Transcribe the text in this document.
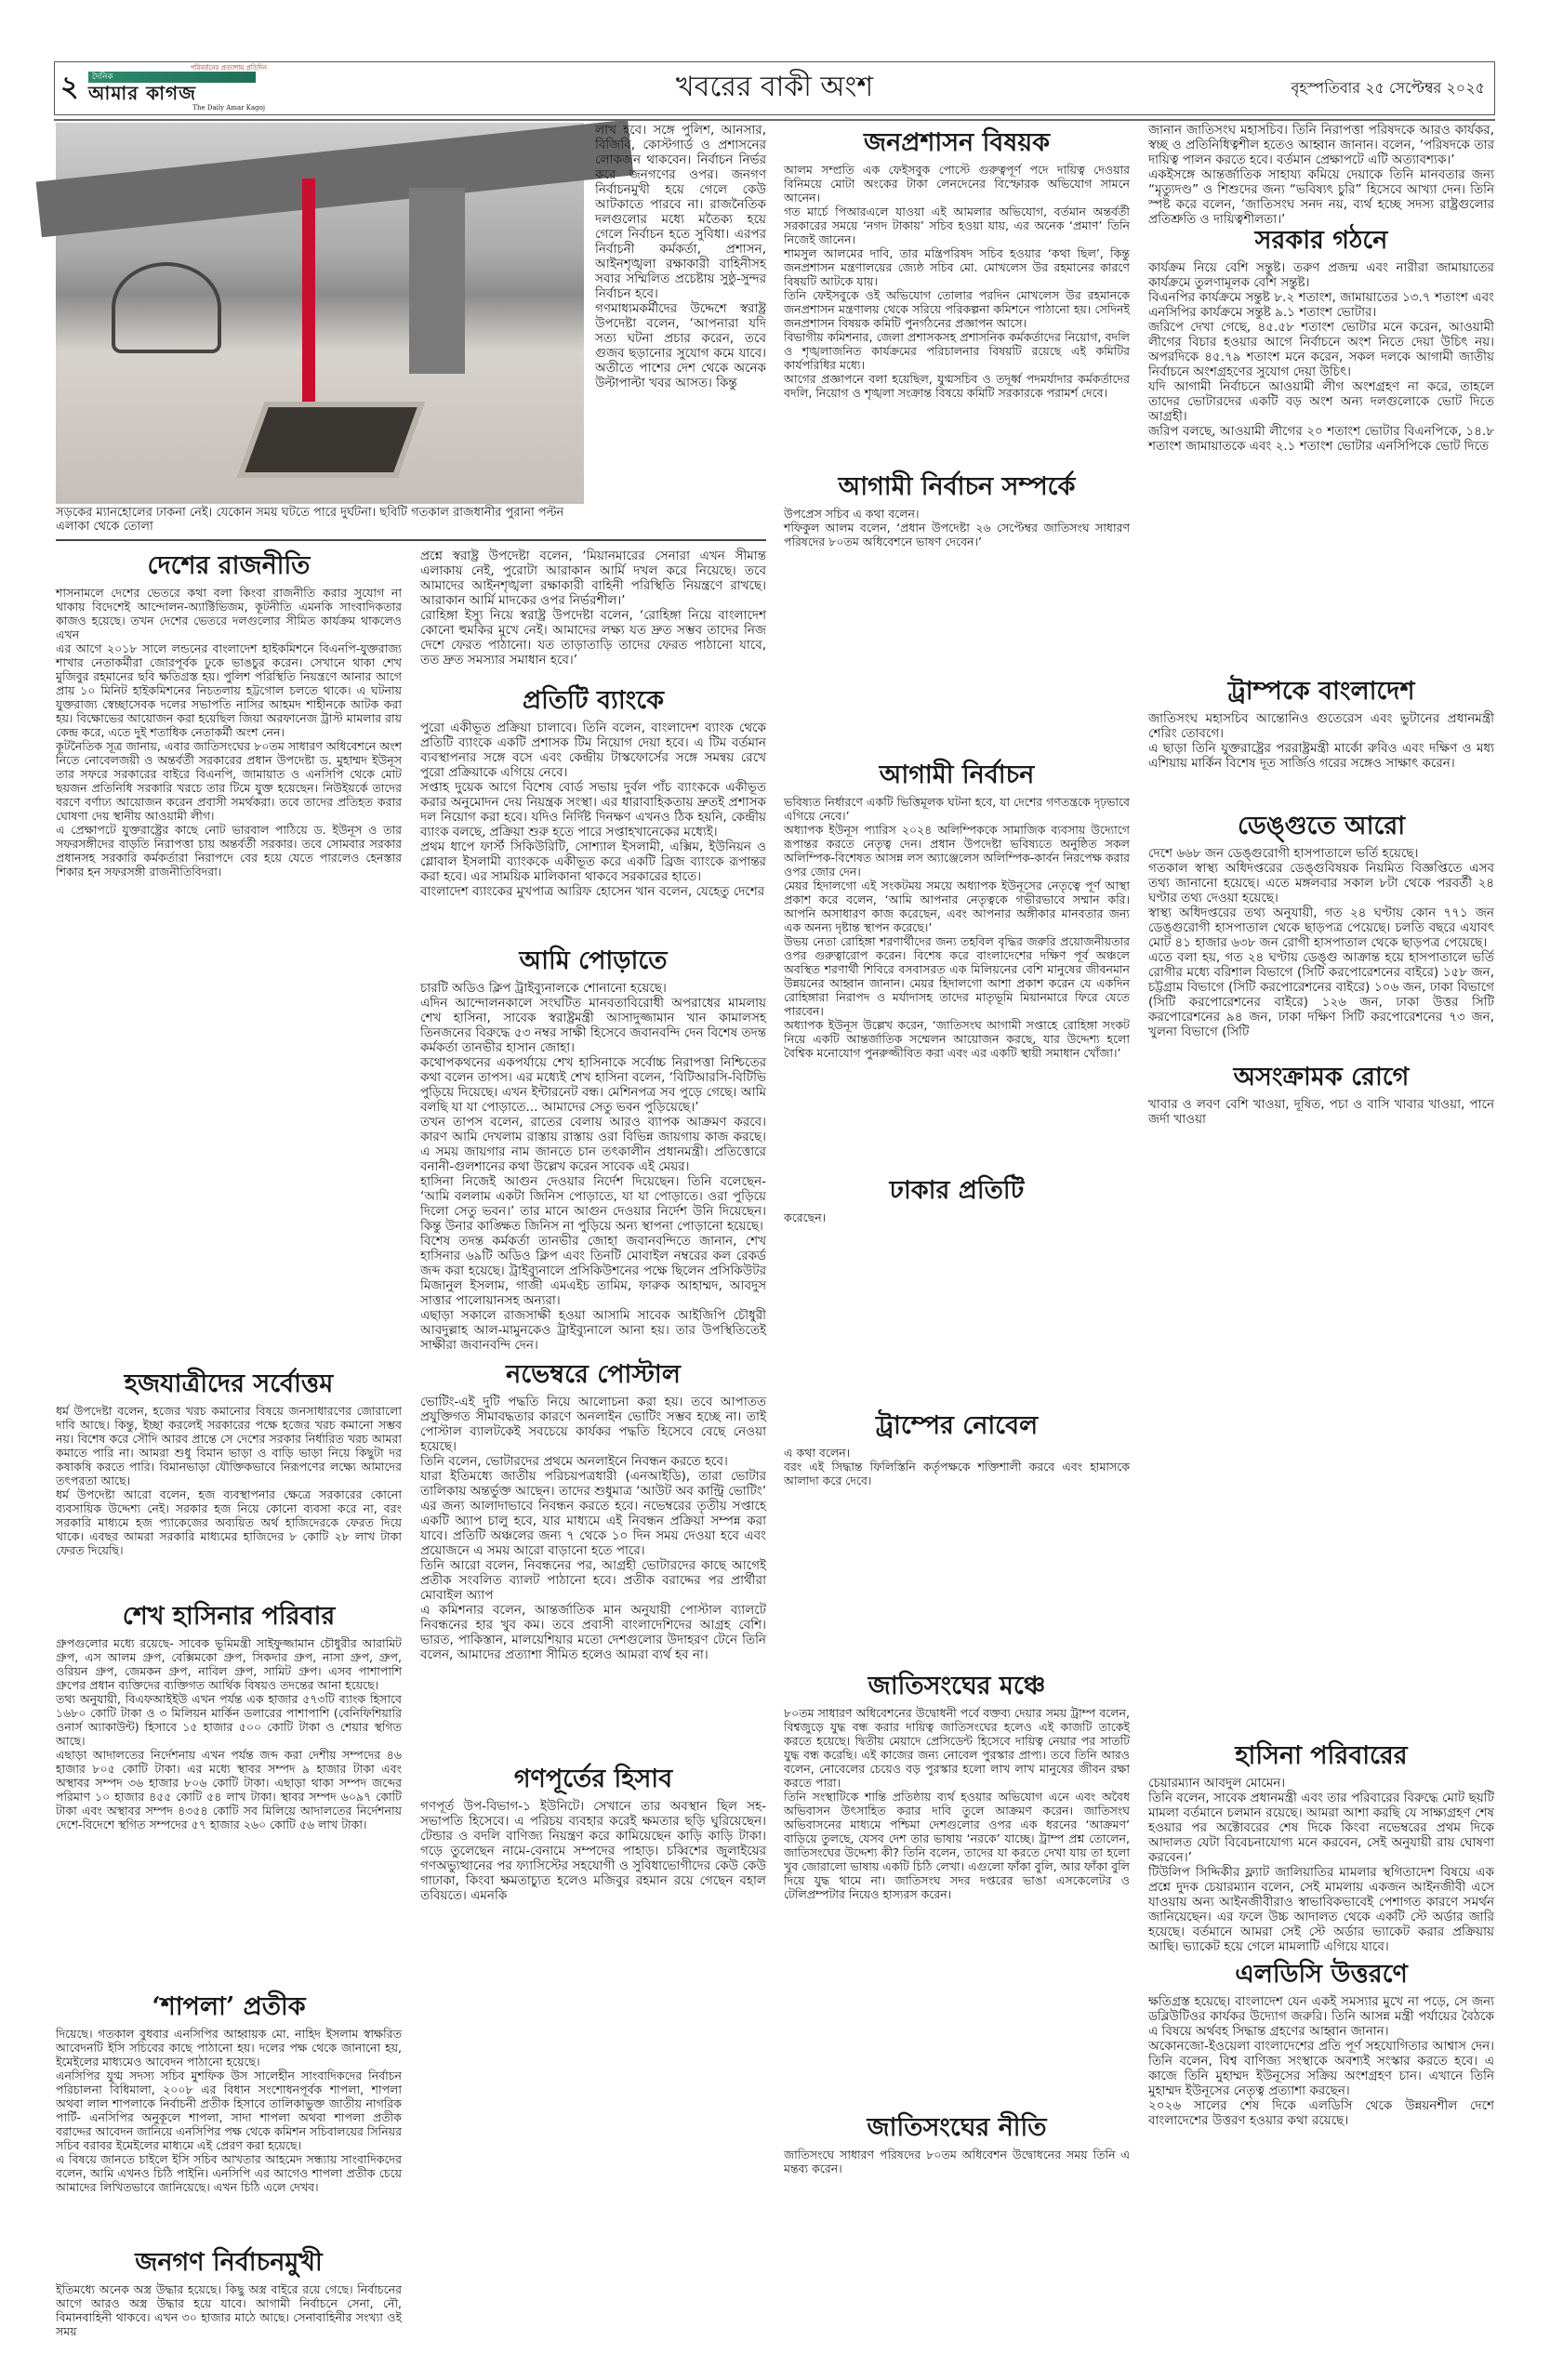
২
পরিবর্তনের প্রত্যাশায় প্রতিদিন
দৈনিক
আমার কাগজ
The Daily Amar Kagoj
খবরের বাকী অংশ	বৃহস্পতিবার ২৫ সেপ্টেম্বর ২০২৫
সড়কের ম্যানহোলের ঢাকনা নেই। যেকোন সময় ঘটতে পারে দুর্ঘটনা। ছবিটি গতকাল রাজধানীর পুরানা পল্টন এলাকা থেকে তোলা
দেশের রাজনীতি

শাসনামলে দেশের ভেতরে কথা বলা কিংবা রাজনীতি করার সুযোগ না থাকায় বিদেশেই আন্দোলন-অ্যাক্টিভিজম, কূটনীতি এমনকি সাংবাদিকতার কাজও হয়েছে। তখন দেশের ভেতরে দলগুলোর সীমিত কার্যক্রম থাকলেও এখন

এর আগে ২০১৮ সালে লন্ডনের বাংলাদেশ হাইকমিশনে বিএনপি-যুক্তরাজ্য শাখার নেতাকর্মীরা জোরপূর্বক ঢুকে ভাঙচুর করেন। সেখানে থাকা শেখ মুজিবুর রহমানের ছবি ক্ষতিগ্রস্ত হয়। পুলিশ পরিস্থিতি নিয়ন্ত্রণে আনার আগে প্রায় ১০ মিনিট হাইকমিশনের নিচতলায় হট্টগোল চলতে থাকে। এ ঘটনায় যুক্তরাজ্য স্বেচ্ছাসেবক দলের সভাপতি নাসির আহমদ শাহীনকে আটক করা হয়। বিক্ষোভের আয়োজন করা হয়েছিল জিয়া অরফানেজ ট্রাস্ট মামলার রায় কেন্দ্র করে, এতে দুই শতাধিক নেতাকর্মী অংশ নেন।

কূটনৈতিক সূত্র জানায়, এবার জাতিসংঘের ৮০তম সাধারণ অধিবেশনে অংশ নিতে নোবেলজয়ী ও অন্তর্বর্তী সরকারের প্রধান উপদেষ্টা ড. মুহাম্মদ ইউনূস তার সফরে সরকারের বাইরে বিএনপি, জামায়াত ও এনসিপি থেকে মোট ছয়জন প্রতিনিধি সরকারি খরচে তার টিমে যুক্ত হয়েছেন। নিউইয়র্কে তাদের বরণে বর্ণাঢ্য আয়োজন করেন প্রবাসী সমর্থকরা। তবে তাদের প্রতিহত করার ঘোষণা দেয় স্থানীয় আওয়ামী লীগ।

এ প্রেক্ষাপটে যুক্তরাষ্ট্রের কাছে নোট ভারবাল পাঠিয়ে ড. ইউনূস ও তার সফরসঙ্গীদের বাড়তি নিরাপত্তা চায় অন্তর্বর্তী সরকার। তবে সোমবার সরকার প্রধানসহ সরকারি কর্মকর্তারা নিরাপদে বের হয়ে যেতে পারলেও হেনস্তার শিকার হন সফরসঙ্গী রাজনীতিবিদরা।

হজযাত্রীদের সর্বোত্তম

ধর্ম উপদেষ্টা বলেন, হজের খরচ কমানোর বিষয়ে জনসাধারণের জোরালো দাবি আছে। কিন্তু, ইচ্ছা করলেই সরকারের পক্ষে হজের খরচ কমানো সম্ভব নয়। বিশেষ করে সৌদি আরব প্রান্তে সে দেশের সরকার নির্ধারিত খরচ আমরা কমাতে পারি না। আমরা শুধু বিমান ভাড়া ও বাড়ি ভাড়া নিয়ে কিছুটা দর কষাকষি করতে পারি। বিমানভাড়া যৌক্তিকভাবে নিরূপণের লক্ষ্যে আমাদের তৎপরতা আছে।

ধর্ম উপদেষ্টা আরো বলেন, হজ ব্যবস্থাপনার ক্ষেত্রে সরকারের কোনো ব্যবসায়িক উদ্দেশ্য নেই। সরকার হজ নিয়ে কোনো ব্যবসা করে না, বরং সরকারি মাধ্যমে হজ প্যাকেজের অব্যয়িত অর্থ হাজিদেরকে ফেরত দিয়ে থাকে। এবছর আমরা সরকারি মাধ্যমের হাজিদের ৮ কোটি ২৮ লাখ টাকা ফেরত দিয়েছি।

শেখ হাসিনার পরিবার

গ্রুপগুলোর মধ্যে রয়েছে- সাবেক ভূমিমন্ত্রী সাইফুজ্জামান চৌধুরীর আরামিট গ্রুপ, এস আলম গ্রুপ, বেক্সিমকো গ্রুপ, সিকদার গ্রুপ, নাসা গ্রুপ, গ্রুপ, ওরিয়ন গ্রুপ, জেমকন গ্রুপ, নাবিল গ্রুপ, সামিট গ্রুপ। এসব পাশাপাশি গ্রুপের প্রধান ব্যক্তিদের ব্যক্তিগত আর্থিক বিষয়ও তদন্তের আনা হয়েছে।

তথ্য অনুযায়ী, বিএফআইইউ এখন পর্যন্ত এক হাজার ৫৭৩টি ব্যাংক হিসাবে ১৬৮০ কোটি টাকা ও ৩ মিলিয়ন মার্কিন ডলারের পাশাপাশি (বেনিফিশিয়ারি ওনার্স অ্যাকাউন্ট) হিসাবে ১৫ হাজার ৫০০ কোটি টাকা ও শেয়ার স্থগিত আছে।

এছাড়া আদালতের নির্দেশনায় এখন পর্যন্ত জব্দ করা দেশীয় সম্পদের ৪৬ হাজার ৮০৫ কোটি টাকা। এর মধ্যে স্থাবর সম্পদ ৯ হাজার টাকা এবং অস্থাবর সম্পদ ৩৬ হাজার ৮০৬ কোটি টাকা। এছাড়া থাকা সম্পদ জব্দের পরিমাণ ১০ হাজার ৪৫৫ কোটি ৫৪ লাখ টাকা। স্থাবর সম্পদ ৬০৯৭ কোটি টাকা এবং অস্থাবর সম্পদ ৪৩৫৪ কোটি সব মিলিয়ে আদালতের নির্দেশনায় দেশে-বিদেশে স্থগিত সম্পদের ৫৭ হাজার ২৬০ কোটি ৫৬ লাখ টাকা।

‘শাপলা’ প্রতীক

দিয়েছে। গতকাল বুধবার এনসিপির আহ্বায়ক মো. নাহিদ ইসলাম স্বাক্ষরিত আবেদনটি ইসি সচিবের কাছে পাঠানো হয়। দলের পক্ষ থেকে জানানো হয়, ইমেইলের মাধ্যমেও আবেদন পাঠানো হয়েছে।

এনসিপির যুগ্ম সদস্য সচিব মুশফিক উস সালেহীন সাংবাদিকদের নির্বাচন পরিচালনা বিধিমালা, ২০০৮ এর বিধান সংশোধনপূর্বক শাপলা, শাপলা অথবা লাল শাপলাকে নির্বাচনী প্রতীক হিসাবে তালিকাভুক্ত জাতীয় নাগরিক পার্টি- এনসিপির অনুকূলে শাপলা, সাদা শাপলা অথবা শাপলা প্রতীক বরাদ্দের আবেদন জানিয়ে এনসিপির পক্ষ থেকে কমিশন সচিবালয়ের সিনিয়র সচিব বরাবর ইমেইলের মাধ্যমে এই প্রেরণ করা হয়েছে।

এ বিষয়ে জানতে চাইলে ইসি সচিব আখতার আহমেদ সন্ধ্যায় সাংবাদিকদের বলেন, আমি এখনও চিঠি পাইনি। এনসিপি এর আগেও শাপলা প্রতীক চেয়ে আমাদের লিখিতভাবে জানিয়েছে। এখন চিঠি এলে দেখব।

জনগণ নির্বাচনমুখী

ইতিমধ্যে অনেক অস্ত্র উদ্ধার হয়েছে। কিছু অস্ত্র বাইরে রয়ে গেছে। নির্বাচনের আগে আরও অস্ত্র উদ্ধার হয়ে যাবে। আগামী নির্বাচনে সেনা, নৌ, বিমানবাহিনী থাকবে। এখন ৩০ হাজার মাঠে আছে। সেনাবাহিনীর সংখ্যা ওই সময়

লাখ হবে। সঙ্গে পুলিশ, আনসার, বিজিবি, কোস্টগার্ড ও প্রশাসনের লোকজন থাকবেন। নির্বাচন নির্ভর করে জনগণের ওপর। জনগণ নির্বাচনমুখী হয়ে গেলে কেউ আটকাতে পারবে না। রাজনৈতিক দলগুলোর মধ্যে মতৈক্য হয়ে গেলে নির্বাচন হতে সুবিধা। এরপর নির্বাচনী কর্মকর্তা, প্রশাসন, আইনশৃঙ্খলা রক্ষাকারী বাহিনীসহ সবার সম্মিলিত প্রচেষ্টায় সুষ্ঠু-সুন্দর নির্বাচন হবে।

গণমাধ্যমকর্মীদের উদ্দেশে স্বরাষ্ট্র উপদেষ্টা বলেন, ‘আপনারা যদি সত্য ঘটনা প্রচার করেন, তবে গুজব ছড়ানোর সুযোগ কমে যাবে। অতীতে পাশের দেশ থেকে অনেক উল্টাপাল্টা খবর আসত। কিন্তু

প্রশ্নে স্বরাষ্ট্র উপদেষ্টা বলেন, ‘মিয়ানমারের সেনারা এখন সীমান্ত এলাকায় নেই, পুরোটা আরাকান আর্মি দখল করে নিয়েছে। তবে আমাদের আইনশৃঙ্খলা রক্ষাকারী বাহিনী পরিস্থিতি নিয়ন্ত্রণে রাখছে। আরাকান আর্মি মাদকের ওপর নির্ভরশীল।’

রোহিঙ্গা ইস্যু নিয়ে স্বরাষ্ট্র উপদেষ্টা বলেন, ‘রোহিঙ্গা নিয়ে বাংলাদেশ কোনো হুমকির মুখে নেই। আমাদের লক্ষ্য যত দ্রুত সম্ভব তাদের নিজ দেশে ফেরত পাঠানো। যত তাড়াতাড়ি তাদের ফেরত পাঠানো যাবে, তত দ্রুত সমস্যার সমাধান হবে।’

প্রতিটি ব্যাংকে

পুরো একীভূত প্রক্রিয়া চালাবে। তিনি বলেন, বাংলাদেশ ব্যাংক থেকে প্রতিটি ব্যাংকে একটি প্রশাসক টিম নিয়োগ দেয়া হবে। এ টিম বর্তমান ব্যবস্থাপনার সঙ্গে বসে এবং কেন্দ্রীয় টাস্কফোর্সের সঙ্গে সমন্বয় রেখে পুরো প্রক্রিয়াকে এগিয়ে নেবে।

সপ্তাহ দুয়েক আগে বিশেষ বোর্ড সভায় দুর্বল পাঁচ ব্যাংককে একীভূত করার অনুমোদন দেয় নিয়ন্ত্রক সংস্থা। এর ধারাবাহিকতায় দ্রুতই প্রশাসক দল নিয়োগ করা হবে। যদিও নির্দিষ্ট দিনক্ষণ এখনও ঠিক হয়নি, কেন্দ্রীয় ব্যাংক বলছে, প্রক্রিয়া শুরু হতে পারে সপ্তাহখানেকের মধ্যেই।

প্রথম ধাপে ফার্স্ট সিকিউরিটি, সোশ্যাল ইসলামী, এক্সিম, ইউনিয়ন ও গ্লোবাল ইসলামী ব্যাংককে একীভূত করে একটি ব্রিজ ব্যাংকে রূপান্তর করা হবে। এর সাময়িক মালিকানা থাকবে সরকারের হাতে।

বাংলাদেশ ব্যাংকের মুখপাত্র আরিফ হোসেন খান বলেন, যেহেতু দেশের

আমি পোড়াতে

চারটি অডিও ক্লিপ ট্রাইব্যুনালকে শোনানো হয়েছে।

এদিন আন্দোলনকালে সংঘটিত মানবতাবিরোধী অপরাধের মামলায় শেখ হাসিনা, সাবেক স্বরাষ্ট্রমন্ত্রী আসাদুজ্জামান খান কামালসহ তিনজনের বিরুদ্ধে ৫৩ নম্বর সাক্ষী হিসেবে জবানবন্দি দেন বিশেষ তদন্ত কর্মকর্তা তানভীর হাসান জোহা।

কথোপকথনের একপর্যায়ে শেখ হাসিনাকে সর্বোচ্চ নিরাপত্তা নিশ্চিতের কথা বলেন তাপস। এর মধ্যেই শেখ হাসিনা বলেন, ‘বিটিআরসি-বিটিভি পুড়িয়ে দিয়েছে। এখন ইন্টারনেট বন্ধ। মেশিনপত্র সব পুড়ে গেছে। আমি বলছি যা যা পোড়াতে... আমাদের সেতু ভবন পুড়িয়েছে।’

তখন তাপস বলেন, রাতের বেলায় আরও ব্যাপক আক্রমণ করবে। কারণ আমি দেখলাম রাস্তায় রাস্তায় ওরা বিভিন্ন জায়গায় কাজ করছে। এ সময় জায়গার নাম জানতে চান তৎকালীন প্রধানমন্ত্রী। প্রতিত্তোরে বনানী-গুলশানের কথা উল্লেখ করেন সাবেক এই মেয়র।

হাসিনা নিজেই আগুন দেওয়ার নির্দেশ দিয়েছেন। তিনি বলেছেন- ‘আমি বললাম একটা জিনিস পোড়াতে, যা যা পোড়াতে। ওরা পুড়িয়ে দিলো সেতু ভবন।’ তার মানে আগুন দেওয়ার নির্দেশ উনি দিয়েছেন। কিন্তু উনার কাঙ্ক্ষিত জিনিস না পুড়িয়ে অন্য স্থাপনা পোড়ানো হয়েছে।

বিশেষ তদন্ত কর্মকর্তা তানভীর জোহা জবানবন্দিতে জানান, শেখ হাসিনার ৬৯টি অডিও ক্লিপ এবং তিনটি মোবাইল নম্বরের কল রেকর্ড জব্দ করা হয়েছে। ট্রাইব্যুনালে প্রসিকিউশনের পক্ষে ছিলেন প্রসিকিউটর মিজানুল ইসলাম, গাজী এমএইচ তামিম, ফারুক আহাম্মদ, আবদুস সাত্তার পালোয়ানসহ অন্যরা।

এছাড়া সকালে রাজসাক্ষী হওয়া আসামি সাবেক আইজিপি চৌধুরী আবদুল্লাহ আল-মামুনকেও ট্রাইব্যুনালে আনা হয়। তার উপস্থিতিতেই সাক্ষীরা জবানবন্দি দেন।

নভেম্বরে পোস্টাল

ভোটিং-এই দুটি পদ্ধতি নিয়ে আলোচনা করা হয়। তবে আপাতত প্রযুক্তিগত সীমাবদ্ধতার কারণে অনলাইন ভোটিং সম্ভব হচ্ছে না। তাই পোস্টাল ব্যালটকেই সবচেয়ে কার্যকর পদ্ধতি হিসেবে বেছে নেওয়া হয়েছে।

তিনি বলেন, ভোটারদের প্রথমে অনলাইনে নিবন্ধন করতে হবে।

যারা ইতিমধ্যে জাতীয় পরিচয়পত্রধারী (এনআইডি), তারা ভোটার তালিকায় অন্তর্ভুক্ত আছেন। তাদের শুধুমাত্র ‘আউট অব কান্ট্রি ভোটিং’ এর জন্য আলাদাভাবে নিবন্ধন করতে হবে। নভেম্বরের তৃতীয় সপ্তাহে একটি অ্যাপ চালু হবে, যার মাধ্যমে এই নিবন্ধন প্রক্রিয়া সম্পন্ন করা যাবে। প্রতিটি অঞ্চলের জন্য ৭ থেকে ১০ দিন সময় দেওয়া হবে এবং প্রয়োজনে এ সময় আরো বাড়ানো হতে পারে।

তিনি আরো বলেন, নিবন্ধনের পর, আগ্রহী ভোটারদের কাছে আগেই প্রতীক সংবলিত ব্যালট পাঠানো হবে। প্রতীক বরাদ্দের পর প্রার্থীরা মোবাইল অ্যাপ

এ কমিশনার বলেন, আন্তর্জাতিক মান অনুযায়ী পোস্টাল ব্যালটে নিবন্ধনের হার খুব কম। তবে প্রবাসী বাংলাদেশিদের আগ্রহ বেশি। ভারত, পাকিস্তান, মালয়েশিয়ার মতো দেশগুলোর উদাহরণ টেনে তিনি বলেন, আমাদের প্রত্যাশা সীমিত হলেও আমরা ব্যর্থ হব না।

গণপূর্তের হিসাব

গণপূর্ত উপ-বিভাগ-১ ইউনিটে। সেখানে তার অবস্থান ছিল সহ-সভাপতি হিসেবে। এ পরিচয় ব্যবহার করেই ক্ষমতার ছড়ি ঘুরিয়েছেন। টেন্ডার ও বদলি বাণিজ্য নিয়ন্ত্রণ করে কামিয়েছেন কাড়ি কাড়ি টাকা। গড়ে তুলেছেন নামে-বেনামে সম্পদের পাহাড়। চব্বিশের জুলাইয়ের গণঅভ্যুত্থানের পর ফ্যাসিস্টের সহযোগী ও সুবিধাভোগীদের কেউ কেউ গাঢাকা, কিংবা ক্ষমতাচ্যুত হলেও মজিবুর রহমান রয়ে গেছেন বহাল তবিয়তে। এমনকি

জনপ্রশাসন বিষয়ক

আলম সম্প্রতি এক ফেইসবুক পোস্টে গুরুত্বপূর্ণ পদে দায়িত্ব দেওয়ার বিনিময়ে মোটা অংকের টাকা লেনদেনের বিস্ফোরক অভিযোগ সামনে আনেন।

গত মার্চে পিআরএলে যাওয়া এই আমলার অভিযোগ, বর্তমান অন্তর্বর্তী সরকারের সময়ে ‘নগদ টাকায়’ সচিব হওয়া যায়, এর অনেক ‘প্রমাণ’ তিনি নিজেই জানেন।

শামসুল আলমের দাবি, তার মন্ত্রিপরিষদ সচিব হওয়ার ‘কথা ছিল’, কিন্তু জনপ্রশাসন মন্ত্রণালয়ের জ্যেষ্ঠ সচিব মো. মোখলেস উর রহমানের কারণে বিষয়টি আটকে যায়।

তিনি ফেইসবুকে ওই অভিযোগ তোলার পরদিন মোখলেস উর রহমানকে জনপ্রশাসন মন্ত্রণালয় থেকে সরিয়ে পরিকল্পনা কমিশনে পাঠানো হয়। সেদিনই জনপ্রশাসন বিষয়ক কমিটি পুনর্গঠনের প্রজ্ঞাপন আসে।

বিভাগীয় কমিশনার, জেলা প্রশাসকসহ প্রশাসনিক কর্মকর্তাদের নিয়োগ, বদলি ও শৃঙ্খলাজনিত কার্যক্রমের পরিচালনার বিষয়টি রয়েছে এই কমিটির কার্যপরিধির মধ্যে।

আগের প্রজ্ঞাপনে বলা হয়েছিল, যুগ্মসচিব ও তদূর্ধ্ব পদমর্যাদার কর্মকর্তাদের বদলি, নিয়োগ ও শৃঙ্খলা সংক্রান্ত বিষয়ে কমিটি সরকারকে পরামর্শ দেবে।

আগামী নির্বাচন সম্পর্কে

উপপ্রেস সচিব এ কথা বলেন।

শফিকুল আলম বলেন, ‘প্রধান উপদেষ্টা ২৬ সেপ্টেম্বর জাতিসংঘ সাধারণ পরিষদের ৮০তম অধিবেশনে ভাষণ দেবেন।’

আগামী নির্বাচন

ভবিষ্যত নির্ধারণে একটি ভিত্তিমূলক ঘটনা হবে, যা দেশের গণতন্ত্রকে দৃঢ়ভাবে এগিয়ে নেবে।’

অধ্যাপক ইউনূস প্যারিস ২০২৪ অলিম্পিককে সামাজিক ব্যবসায় উদ্যোগে রূপান্তর করতে নেতৃত্ব দেন। প্রধান উপদেষ্টা ভবিষ্যতে অনুষ্ঠিত সকল অলিম্পিক-বিশেষত আসন্ন লস অ্যাঞ্জেলেস অলিম্পিক-কার্বন নিরপেক্ষ করার ওপর জোর দেন।

মেয়র হিদালগো এই সংকটময় সময়ে অধ্যাপক ইউনূসের নেতৃত্বে পূর্ণ আস্থা প্রকাশ করে বলেন, ‘আমি আপনার নেতৃত্বকে গভীরভাবে সম্মান করি। আপনি অসাধারণ কাজ করেছেন, এবং আপনার অঙ্গীকার মানবতার জন্য এক অনন্য দৃষ্টান্ত স্থাপন করেছে।’

উভয় নেতা রোহিঙ্গা শরণার্থীদের জন্য তহবিল বৃদ্ধির জরুরি প্রয়োজনীয়তার ওপর গুরুত্বারোপ করেন। বিশেষ করে বাংলাদেশের দক্ষিণ পূর্ব অঞ্চলে অবস্থিত শরণার্থী শিবিরে বসবাসরত এক মিলিয়নের বেশি মানুষের জীবনমান উন্নয়নের আহ্বান জানান। মেয়র হিদালগো আশা প্রকাশ করেন যে একদিন রোহিঙ্গারা নিরাপদ ও মর্যাদাসহ তাদের মাতৃভূমি মিয়ানমারে ফিরে যেতে পারবেন।

অধ্যাপক ইউনূস উল্লেখ করেন, ‘জাতিসংঘ আগামী সপ্তাহে রোহিঙ্গা সংকট নিয়ে একটি আন্তর্জাতিক সম্মেলন আয়োজন করছে, যার উদ্দেশ্য হলো বৈশ্বিক মনোযোগ পুনরুজ্জীবিত করা এবং এর একটি স্থায়ী সমাধান খোঁজা।’

ঢাকার প্রতিটি

করেছেন।

ট্রাম্পের নোবেল

এ কথা বলেন।

বরং এই সিদ্ধান্ত ফিলিস্তিনি কর্তৃপক্ষকে শক্তিশালী করবে এবং হামাসকে আলাদা করে দেবে।

জাতিসংঘের মঞ্চে

৮০তম সাধারণ অধিবেশনের উদ্বোধনী পর্বে বক্তব্য দেয়ার সময় ট্রাম্প বলেন, বিশ্বজুড়ে যুদ্ধ বন্ধ করার দায়িত্ব জাতিসংঘের হলেও এই কাজটি তাকেই করতে হয়েছে। দ্বিতীয় মেয়াদে প্রেসিডেন্ট হিসেবে দায়িত্ব নেয়ার পর সাতটি যুদ্ধ বন্ধ করেছি। এই কাজের জন্য নোবেল পুরস্কার প্রাপ্য। তবে তিনি আরও বলেন, নোবেলের চেয়েও বড় পুরস্কার হলো লাখ লাখ মানুষের জীবন রক্ষা করতে পারা।

তিনি সংস্থাটিকে শান্তি প্রতিষ্ঠায় ব্যর্থ হওয়ার অভিযোগ এনে এবং অবৈধ অভিবাসন উৎসাহিত করার দাবি তুলে আক্রমণ করেন। জাতিসংঘ অভিবাসনের মাধ্যমে পশ্চিমা দেশগুলোর ওপর এক ধরনের ‘আক্রমণ’ বাড়িয়ে তুলছে, যেসব দেশ তার ভাষায় ‘নরকে’ যাচ্ছে। ট্রাম্প প্রশ্ন তোলেন, জাতিসংঘের উদ্দেশ্য কী? তিনি বলেন, তাদের যা করতে দেখা যায় তা হলো খুব জোরালো ভাষায় একটি চিঠি লেখা। এগুলো ফাঁকা বুলি, আর ফাঁকা বুলি দিয়ে যুদ্ধ থামে না। জাতিসংঘ সদর দপ্তরের ভাঙা এসকেলেটর ও টেলিপ্রম্পটার নিয়েও হাস্যরস করেন।

জাতিসংঘের নীতি

জাতিসংঘে সাধারণ পরিষদের ৮০তম অধিবেশন উদ্বোধনের সময় তিনি এ মন্তব্য করেন।

জানান জাতিসংঘ মহাসচিব। তিনি নিরাপত্তা পরিষদকে আরও কার্যকর, স্বচ্ছ ও প্রতিনিধিত্বশীল হতেও আহ্বান জানান। বলেন, ‘পরিষদকে তার দায়িত্ব পালন করতে হবে। বর্তমান প্রেক্ষাপটে এটি অত্যাবশ্যক।’

একইসঙ্গে আন্তর্জাতিক সাহায্য কমিয়ে দেয়াকে তিনি মানবতার জন্য “মৃত্যুদণ্ড” ও শিশুদের জন্য “ভবিষ্যৎ চুরি” হিসেবে আখ্যা দেন। তিনি স্পষ্ট করে বলেন, ‘জাতিসংঘ সনদ নয়, ব্যর্থ হচ্ছে সদস্য রাষ্ট্রগুলোর প্রতিশ্রুতি ও দায়িত্বশীলতা।’

সরকার গঠনে

কার্যক্রম নিয়ে বেশি সন্তুষ্ট। তরুণ প্রজন্ম এবং নারীরা জামায়াতের কার্যক্রমে তুলণামূলক বেশি সন্তুষ্ট।

বিএনপির কার্যক্রমে সন্তুষ্ট ৮.২ শতাংশ, জামায়াতের ১৩.৭ শতাংশ এবং এনসিপির কার্যক্রমে সন্তুষ্ট ৯.১ শতাংশ ভোটার।

জরিপে দেখা গেছে, ৪৫.৫৮ শতাংশ ভোটার মনে করেন, আওয়ামী লীগের বিচার হওয়ার আগে নির্বাচনে অংশ নিতে দেয়া উচিৎ নয়। অপরদিকে ৪৫.৭৯ শতাংশ মনে করেন, সকল দলকে আগামী জাতীয় নির্বাচনে অংশগ্রহণের সুযোগ দেয়া উচিৎ।

যদি আগামী নির্বাচনে আওয়ামী লীগ অংশগ্রহণ না করে, তাহলে তাদের ভোটারদের একটি বড় অংশ অন্য দলগুলোকে ভোট দিতে আগ্রহী।

জরিপ বলছে, আওয়ামী লীগের ২০ শতাংশ ভোটার বিএনপিকে, ১৪.৮ শতাংশ জামায়াতকে এবং ২.১ শতাংশ ভোটার এনসিপিকে ভোট দিতে

ট্রাম্পকে বাংলাদেশ

জাতিসংঘ মহাসচিব আন্তোনিও গুতেরেস এবং ভুটানের প্রধানমন্ত্রী শেরিং তোবগে।

এ ছাড়া তিনি যুক্তরাষ্ট্রের পররাষ্ট্রমন্ত্রী মার্কো রুবিও এবং দক্ষিণ ও মধ্য এশিয়ায় মার্কিন বিশেষ দূত সার্জিও গরের সঙ্গেও সাক্ষাৎ করেন।

ডেঙ্গুতে আরো

দেশে ৬৬৮ জন ডেঙ্গুরোগী হাসপাতালে ভর্তি হয়েছে।

গতকাল স্বাস্থ্য অধিদপ্তরের ডেঙ্গুবিষয়ক নিয়মিত বিজ্ঞপ্তিতে এসব তথ্য জানানো হয়েছে। এতে মঙ্গলবার সকাল ৮টা থেকে পরবর্তী ২৪ ঘণ্টার তথ্য দেওয়া হয়েছে।

স্বাস্থ্য অধিদপ্তরের তথ্য অনুযায়ী, গত ২৪ ঘণ্টায় কোন ৭৭১ জন ডেঙ্গুরোগী হাসপাতাল থেকে ছাড়পত্র পেয়েছে। চলতি বছরে এযাবৎ মোট ৪১ হাজার ৬৩৮ জন রোগী হাসপাতাল থেকে ছাড়পত্র পেয়েছে।

এতে বলা হয়, গত ২৪ ঘণ্টায় ডেঙ্গু আক্রান্ত হয়ে হাসপাতালে ভর্তি রোগীর মধ্যে বরিশাল বিভাগে (সিটি করপোরেশনের বাইরে) ১৫৮ জন, চট্টগ্রাম বিভাগে (সিটি করপোরেশনের বাইরে) ১০৬ জন, ঢাকা বিভাগে (সিটি করপোরেশনের বাইরে) ১২৬ জন, ঢাকা উত্তর সিটি করপোরেশনের ৯৪ জন, ঢাকা দক্ষিণ সিটি করপোরেশনের ৭৩ জন, খুলনা বিভাগে (সিটি

অসংক্রামক রোগে

খাবার ও লবণ বেশি খাওয়া, দূষিত, পচা ও বাসি খাবার খাওয়া, পানে জর্দা খাওয়া

হাসিনা পরিবারের

চেয়ারম্যান আবদুল মোমেন।

তিনি বলেন, সাবেক প্রধানমন্ত্রী এবং তার পরিবারের বিরুদ্ধে মোট ছয়টি মামলা বর্তমানে চলমান রয়েছে। আমরা আশা করছি যে সাক্ষ্যগ্রহণ শেষ হওয়ার পর অক্টোবরের শেষ দিকে কিংবা নভেম্বরের প্রথম দিকে আদালত যেটা বিবেচনাযোগ্য মনে করবেন, সেই অনুযায়ী রায় ঘোষণা করবেন।’

টিউলিপ সিদ্দিকীর ফ্ল্যাট জালিয়াতির মামলার স্থগিতাদেশ বিষয়ে এক প্রশ্নে দুদক চেয়ারম্যান বলেন, সেই মামলায় একজন আইনজীবী এসে যাওয়ায় অন্য আইনজীবীরাও স্বাভাবিকভাবেই পেশাগত কারণে সমর্থন জানিয়েছেন। এর ফলে উচ্চ আদালত থেকে একটি স্টে অর্ডার জারি হয়েছে। বর্তমানে আমরা সেই স্টে অর্ডার ভ্যাকেট করার প্রক্রিয়ায় আছি। ভ্যাকেট হয়ে গেলে মামলাটি এগিয়ে যাবে।

এলডিসি উত্তরণে

ক্ষতিগ্রস্ত হয়েছে। বাংলাদেশ যেন একই সমস্যার মুখে না পড়ে, সে জন্য ডব্লিউটিওর কার্যকর উদ্যোগ জরুরি। তিনি আসন্ন মন্ত্রী পর্যায়ের বৈঠকে এ বিষয়ে অর্থবহ সিদ্ধান্ত গ্রহণের আহ্বান জানান।

অকোনজো-ইওয়েলা বাংলাদেশের প্রতি পূর্ণ সহযোগিতার আশ্বাস দেন। তিনি বলেন, বিশ্ব বাণিজ্য সংস্থাকে অবশ্যই সংস্কার করতে হবে। এ কাজে তিনি মুহাম্মদ ইউনূসের সক্রিয় অংশগ্রহণ চান। এখানে তিনি মুহাম্মদ ইউনূসের নেতৃত্ব প্রত্যাশা করছেন।

২০২৬ সালের শেষ দিকে এলডিসি থেকে উন্নয়নশীল দেশে বাংলাদেশের উত্তরণ হওয়ার কথা রয়েছে।
